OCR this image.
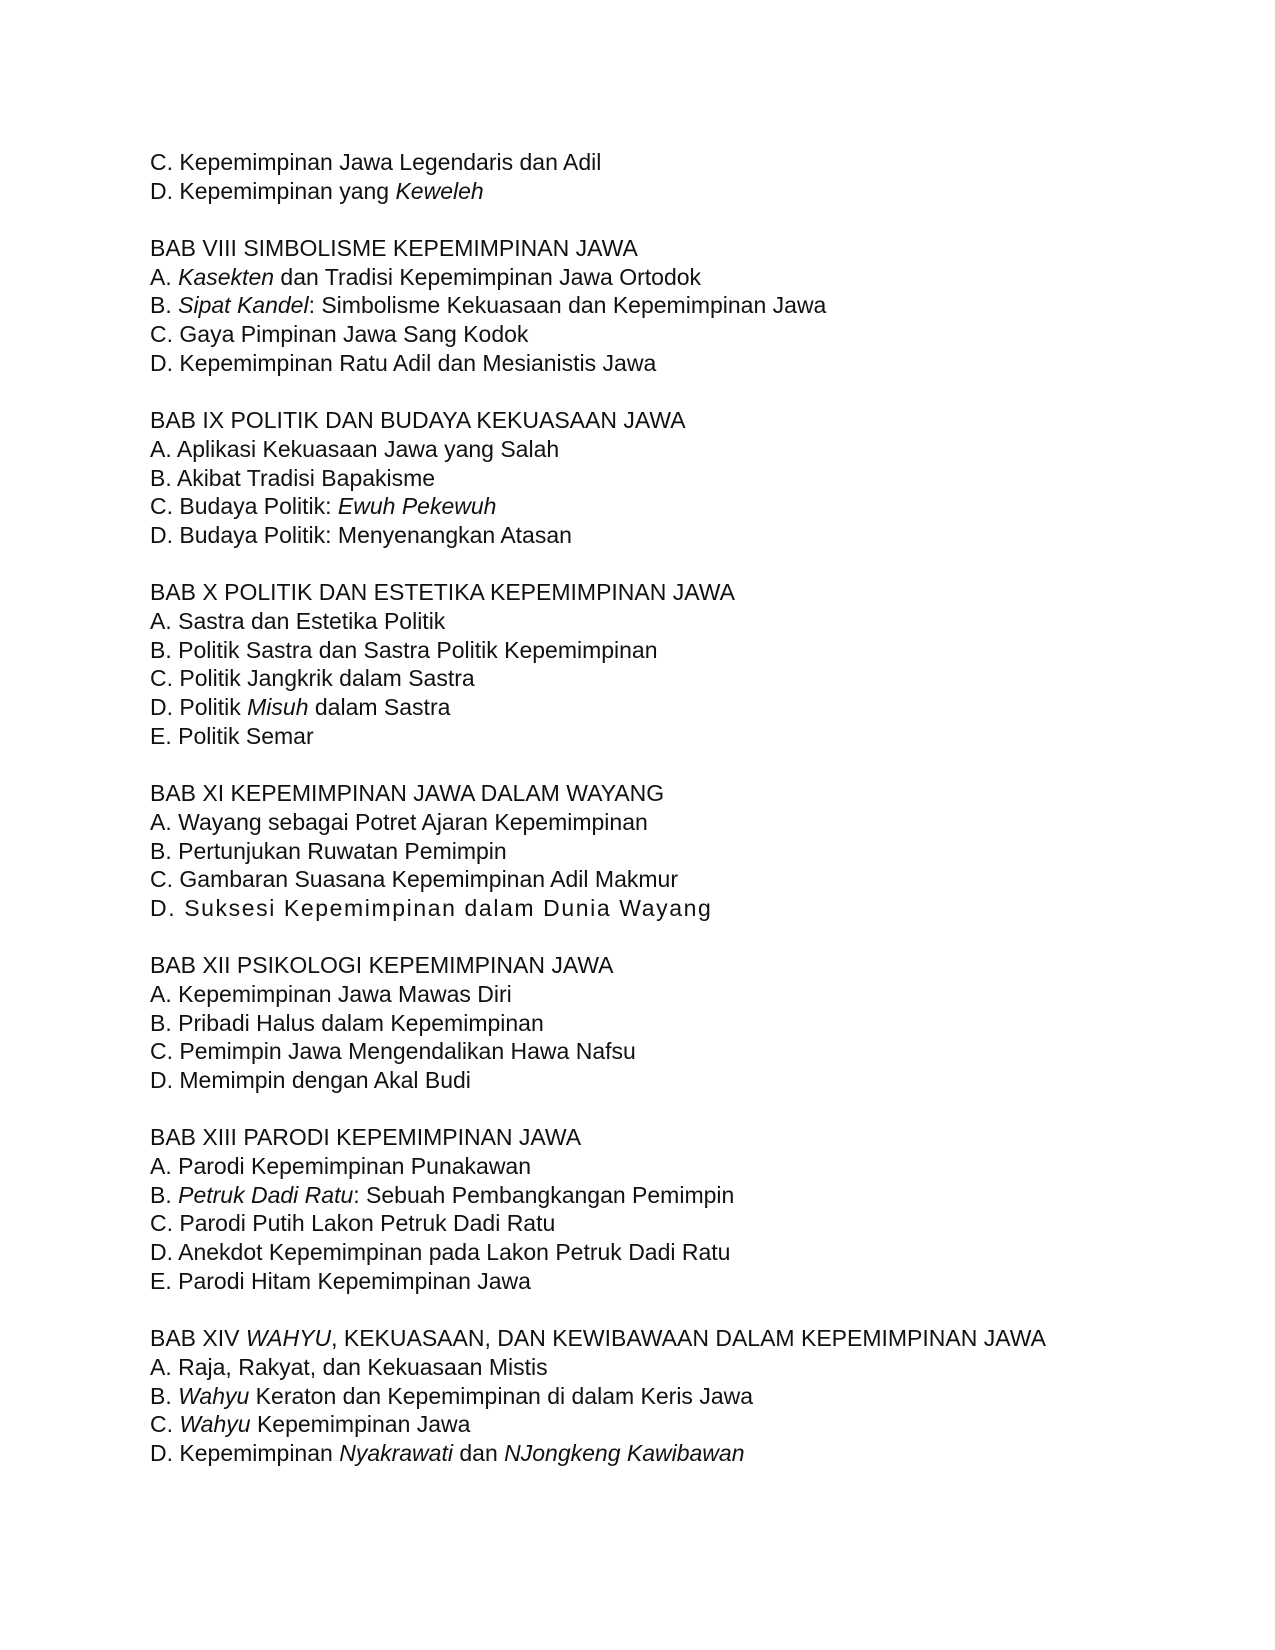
C. Kepemimpinan Jawa Legendaris dan Adil
D. Kepemimpinan yang Keweleh
BAB VIII SIMBOLISME KEPEMIMPINAN JAWA
A. Kasekten dan Tradisi Kepemimpinan Jawa Ortodok
B. Sipat Kandel: Simbolisme Kekuasaan dan Kepemimpinan Jawa
C. Gaya Pimpinan Jawa Sang Kodok
D. Kepemimpinan Ratu Adil dan Mesianistis Jawa
BAB IX POLITIK DAN BUDAYA KEKUASAAN JAWA
A. Aplikasi Kekuasaan Jawa yang Salah
B. Akibat Tradisi Bapakisme
C. Budaya Politik: Ewuh Pekewuh
D. Budaya Politik: Menyenangkan Atasan
BAB X POLITIK DAN ESTETIKA KEPEMIMPINAN JAWA
A. Sastra dan Estetika Politik
B. Politik Sastra dan Sastra Politik Kepemimpinan
C. Politik Jangkrik dalam Sastra
D. Politik Misuh dalam Sastra
E. Politik Semar
BAB XI KEPEMIMPINAN JAWA DALAM WAYANG
A. Wayang sebagai Potret Ajaran Kepemimpinan
B. Pertunjukan Ruwatan Pemimpin
C. Gambaran Suasana Kepemimpinan Adil Makmur
D. Suksesi Kepemimpinan dalam Dunia Wayang
BAB XII PSIKOLOGI KEPEMIMPINAN JAWA
A. Kepemimpinan Jawa Mawas Diri
B. Pribadi Halus dalam Kepemimpinan
C. Pemimpin Jawa Mengendalikan Hawa Nafsu
D. Memimpin dengan Akal Budi
BAB XIII PARODI KEPEMIMPINAN JAWA
A. Parodi Kepemimpinan Punakawan
B. Petruk Dadi Ratu: Sebuah Pembangkangan Pemimpin
C. Parodi Putih Lakon Petruk Dadi Ratu
D. Anekdot Kepemimpinan pada Lakon Petruk Dadi Ratu
E. Parodi Hitam Kepemimpinan Jawa
BAB XIV WAHYU, KEKUASAAN, DAN KEWIBAWAAN DALAM KEPEMIMPINAN JAWA
A. Raja, Rakyat, dan Kekuasaan Mistis
B. Wahyu Keraton dan Kepemimpinan di dalam Keris Jawa
C. Wahyu Kepemimpinan Jawa
D. Kepemimpinan Nyakrawati dan NJongkeng Kawibawan
